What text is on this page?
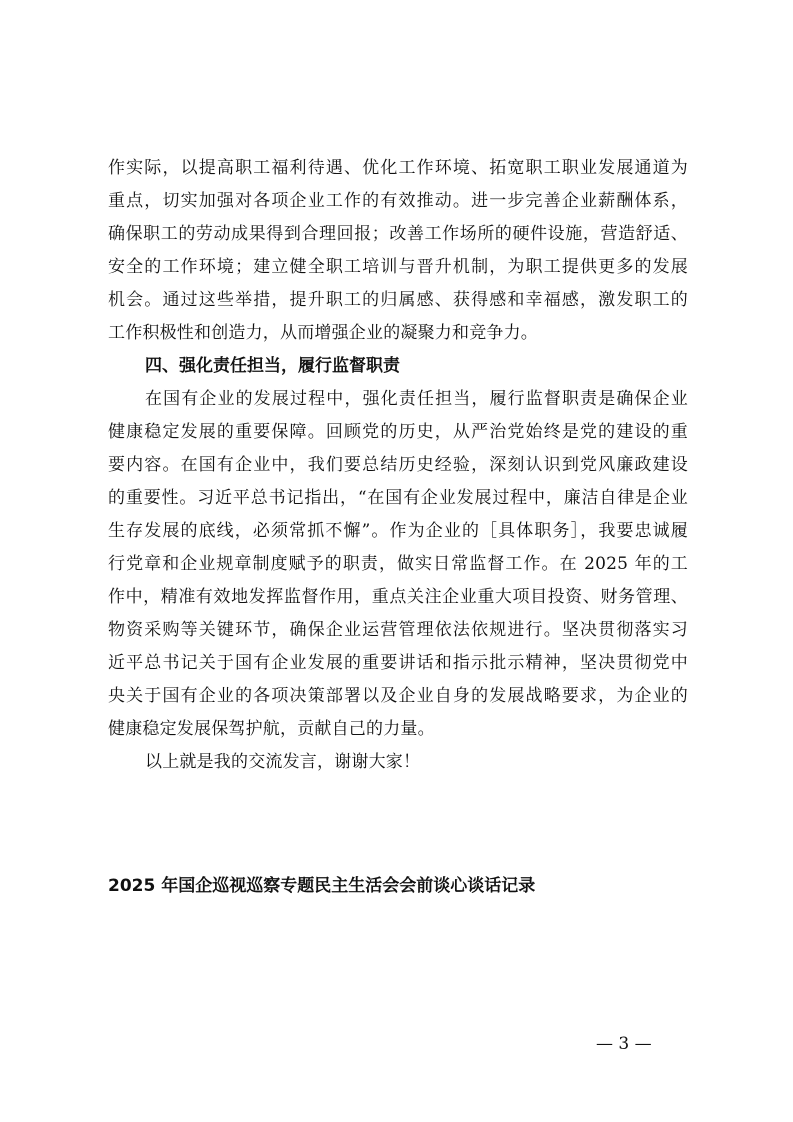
作实际，以提高职工福利待遇、优化工作环境、拓宽职工职业发展通道为
重点，切实加强对各项企业工作的有效推动。进一步完善企业薪酬体系，
确保职工的劳动成果得到合理回报；改善工作场所的硬件设施，营造舒适、
安全的工作环境；建立健全职工培训与晋升机制，为职工提供更多的发展
机会。通过这些举措，提升职工的归属感、获得感和幸福感，激发职工的
工作积极性和创造力，从而增强企业的凝聚力和竞争力。
四、强化责任担当，履行监督职责
在国有企业的发展过程中，强化责任担当，履行监督职责是确保企业
健康稳定发展的重要保障。回顾党的历史，从严治党始终是党的建设的重
要内容。在国有企业中，我们要总结历史经验，深刻认识到党风廉政建设
的重要性。习近平总书记指出，“在国有企业发展过程中，廉洁自律是企业
生存发展的底线，必须常抓不懈”。作为企业的［具体职务］，我要忠诚履
行党章和企业规章制度赋予的职责，做实日常监督工作。在 2025 年的工
作中，精准有效地发挥监督作用，重点关注企业重大项目投资、财务管理、
物资采购等关键环节，确保企业运营管理依法依规进行。坚决贯彻落实习
近平总书记关于国有企业发展的重要讲话和指示批示精神，坚决贯彻党中
央关于国有企业的各项决策部署以及企业自身的发展战略要求，为企业的
健康稳定发展保驾护航，贡献自己的力量。
以上就是我的交流发言，谢谢大家！
2025 年国企巡视巡察专题民主生活会会前谈心谈话记录
— 3 —
